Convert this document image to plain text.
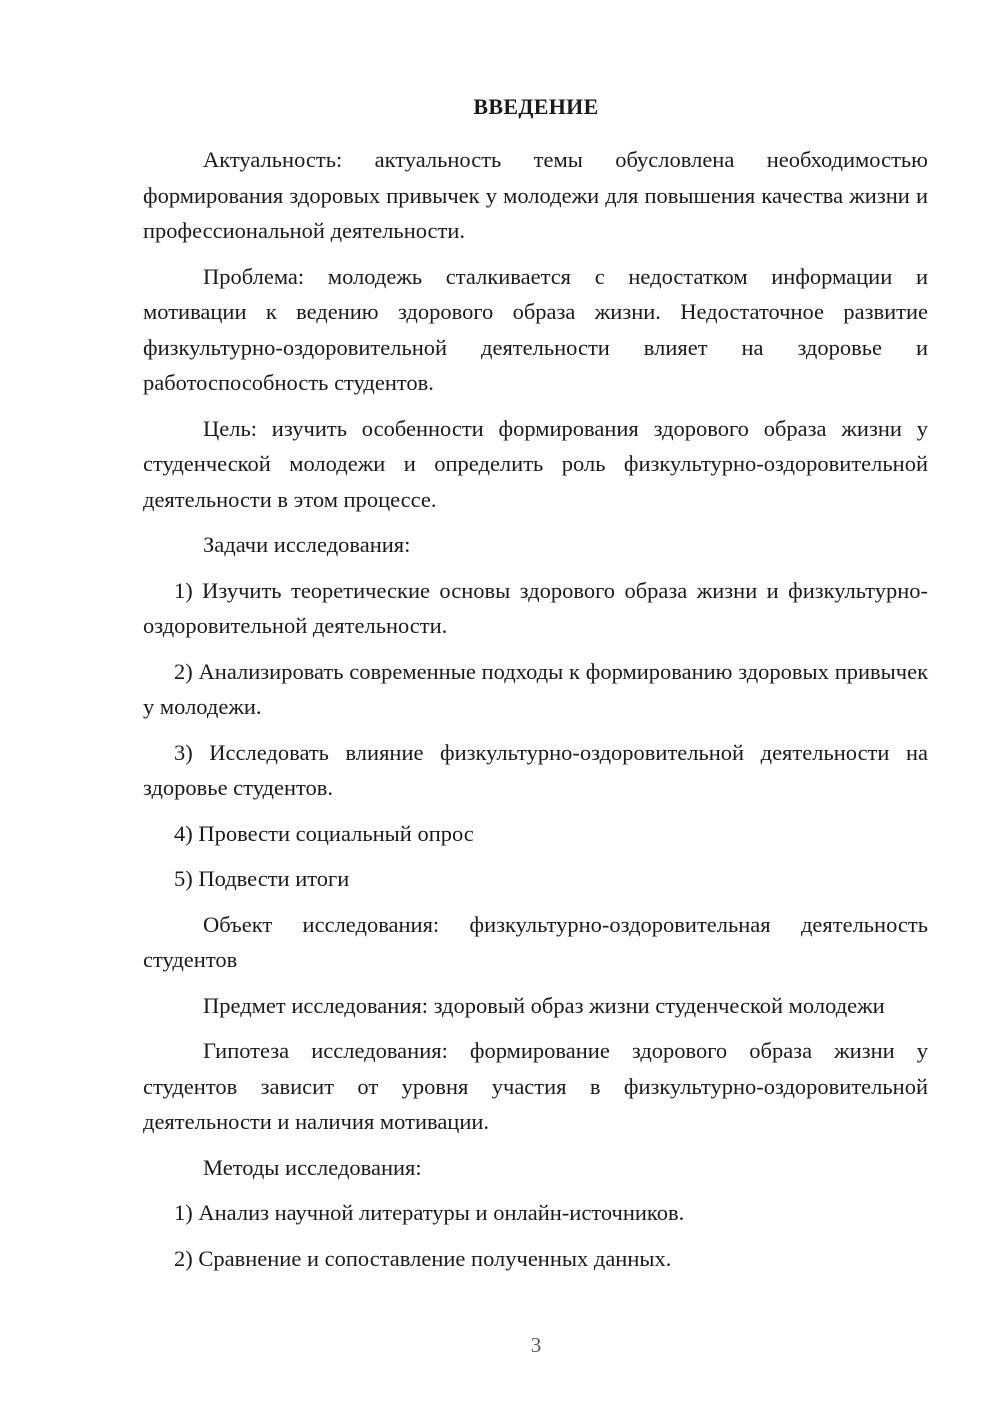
ВВЕДЕНИЕ

Актуальность: актуальность темы обусловлена необходимостью формирования здоровых привычек у молодежи для повышения качества жизни и профессиональной деятельности.

Проблема: молодежь сталкивается с недостатком информации и мотивации к ведению здорового образа жизни. Недостаточное развитие физкультурно-оздоровительной деятельности влияет на здоровье и работоспособность студентов.

Цель: изучить особенности формирования здорового образа жизни у студенческой молодежи и определить роль физкультурно-оздоровительной деятельности в этом процессе.

Задачи исследования:

1) Изучить теоретические основы здорового образа жизни и физкультурно-оздоровительной деятельности.

2) Анализировать современные подходы к формированию здоровых привычек у молодежи.

3) Исследовать влияние физкультурно-оздоровительной деятельности на здоровье студентов.

4) Провести социальный опрос

5) Подвести итоги

Объект исследования: физкультурно-оздоровительная деятельность студентов

Предмет исследования: здоровый образ жизни студенческой молодежи

Гипотеза исследования: формирование здорового образа жизни у студентов зависит от уровня участия в физкультурно-оздоровительной деятельности и наличия мотивации.

Методы исследования:

1) Анализ научной литературы и онлайн-источников.

2) Сравнение и сопоставление полученных данных.

3
